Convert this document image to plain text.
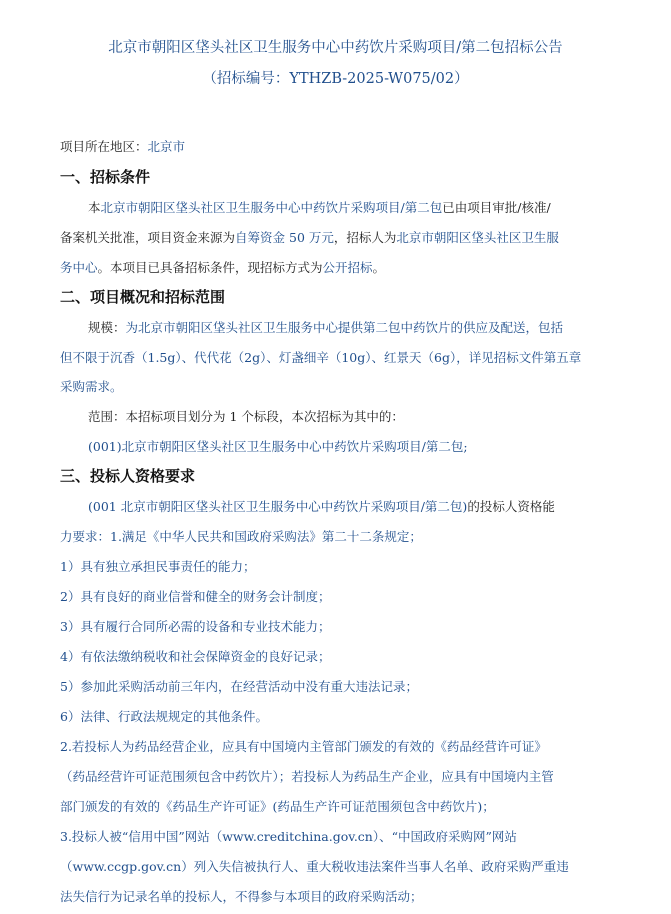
北京市朝阳区垡头社区卫生服务中心中药饮片采购项目/第二包招标公告
（招标编号：YTHZB-2025-W075/02）
项目所在地区：北京市
一、招标条件
本北京市朝阳区垡头社区卫生服务中心中药饮片采购项目/第二包已由项目审批/核准/
备案机关批准，项目资金来源为自筹资金 50 万元，招标人为北京市朝阳区垡头社区卫生服
务中心。本项目已具备招标条件，现招标方式为公开招标。
二、项目概况和招标范围
规模：为北京市朝阳区垡头社区卫生服务中心提供第二包中药饮片的供应及配送，包括
但不限于沉香（1.5g）、代代花（2g）、灯盏细辛（10g）、红景天（6g），详见招标文件第五章
采购需求。
范围：本招标项目划分为 1 个标段，本次招标为其中的：
(001)北京市朝阳区垡头社区卫生服务中心中药饮片采购项目/第二包;
三、投标人资格要求
(001 北京市朝阳区垡头社区卫生服务中心中药饮片采购项目/第二包)的投标人资格能
力要求：1.满足《中华人民共和国政府采购法》第二十二条规定；
1）具有独立承担民事责任的能力；
2）具有良好的商业信誉和健全的财务会计制度；
3）具有履行合同所必需的设备和专业技术能力；
4）有依法缴纳税收和社会保障资金的良好记录；
5）参加此采购活动前三年内，在经营活动中没有重大违法记录；
6）法律、行政法规规定的其他条件。
2.若投标人为药品经营企业，应具有中国境内主管部门颁发的有效的《药品经营许可证》
（药品经营许可证范围须包含中药饮片）；若投标人为药品生产企业，应具有中国境内主管
部门颁发的有效的《药品生产许可证》(药品生产许可证范围须包含中药饮片)；
3.投标人被“信用中国”网站（www.creditchina.gov.cn）、“中国政府采购网”网站
（www.ccgp.gov.cn）列入失信被执行人、重大税收违法案件当事人名单、政府采购严重违
法失信行为记录名单的投标人，不得参与本项目的政府采购活动；
